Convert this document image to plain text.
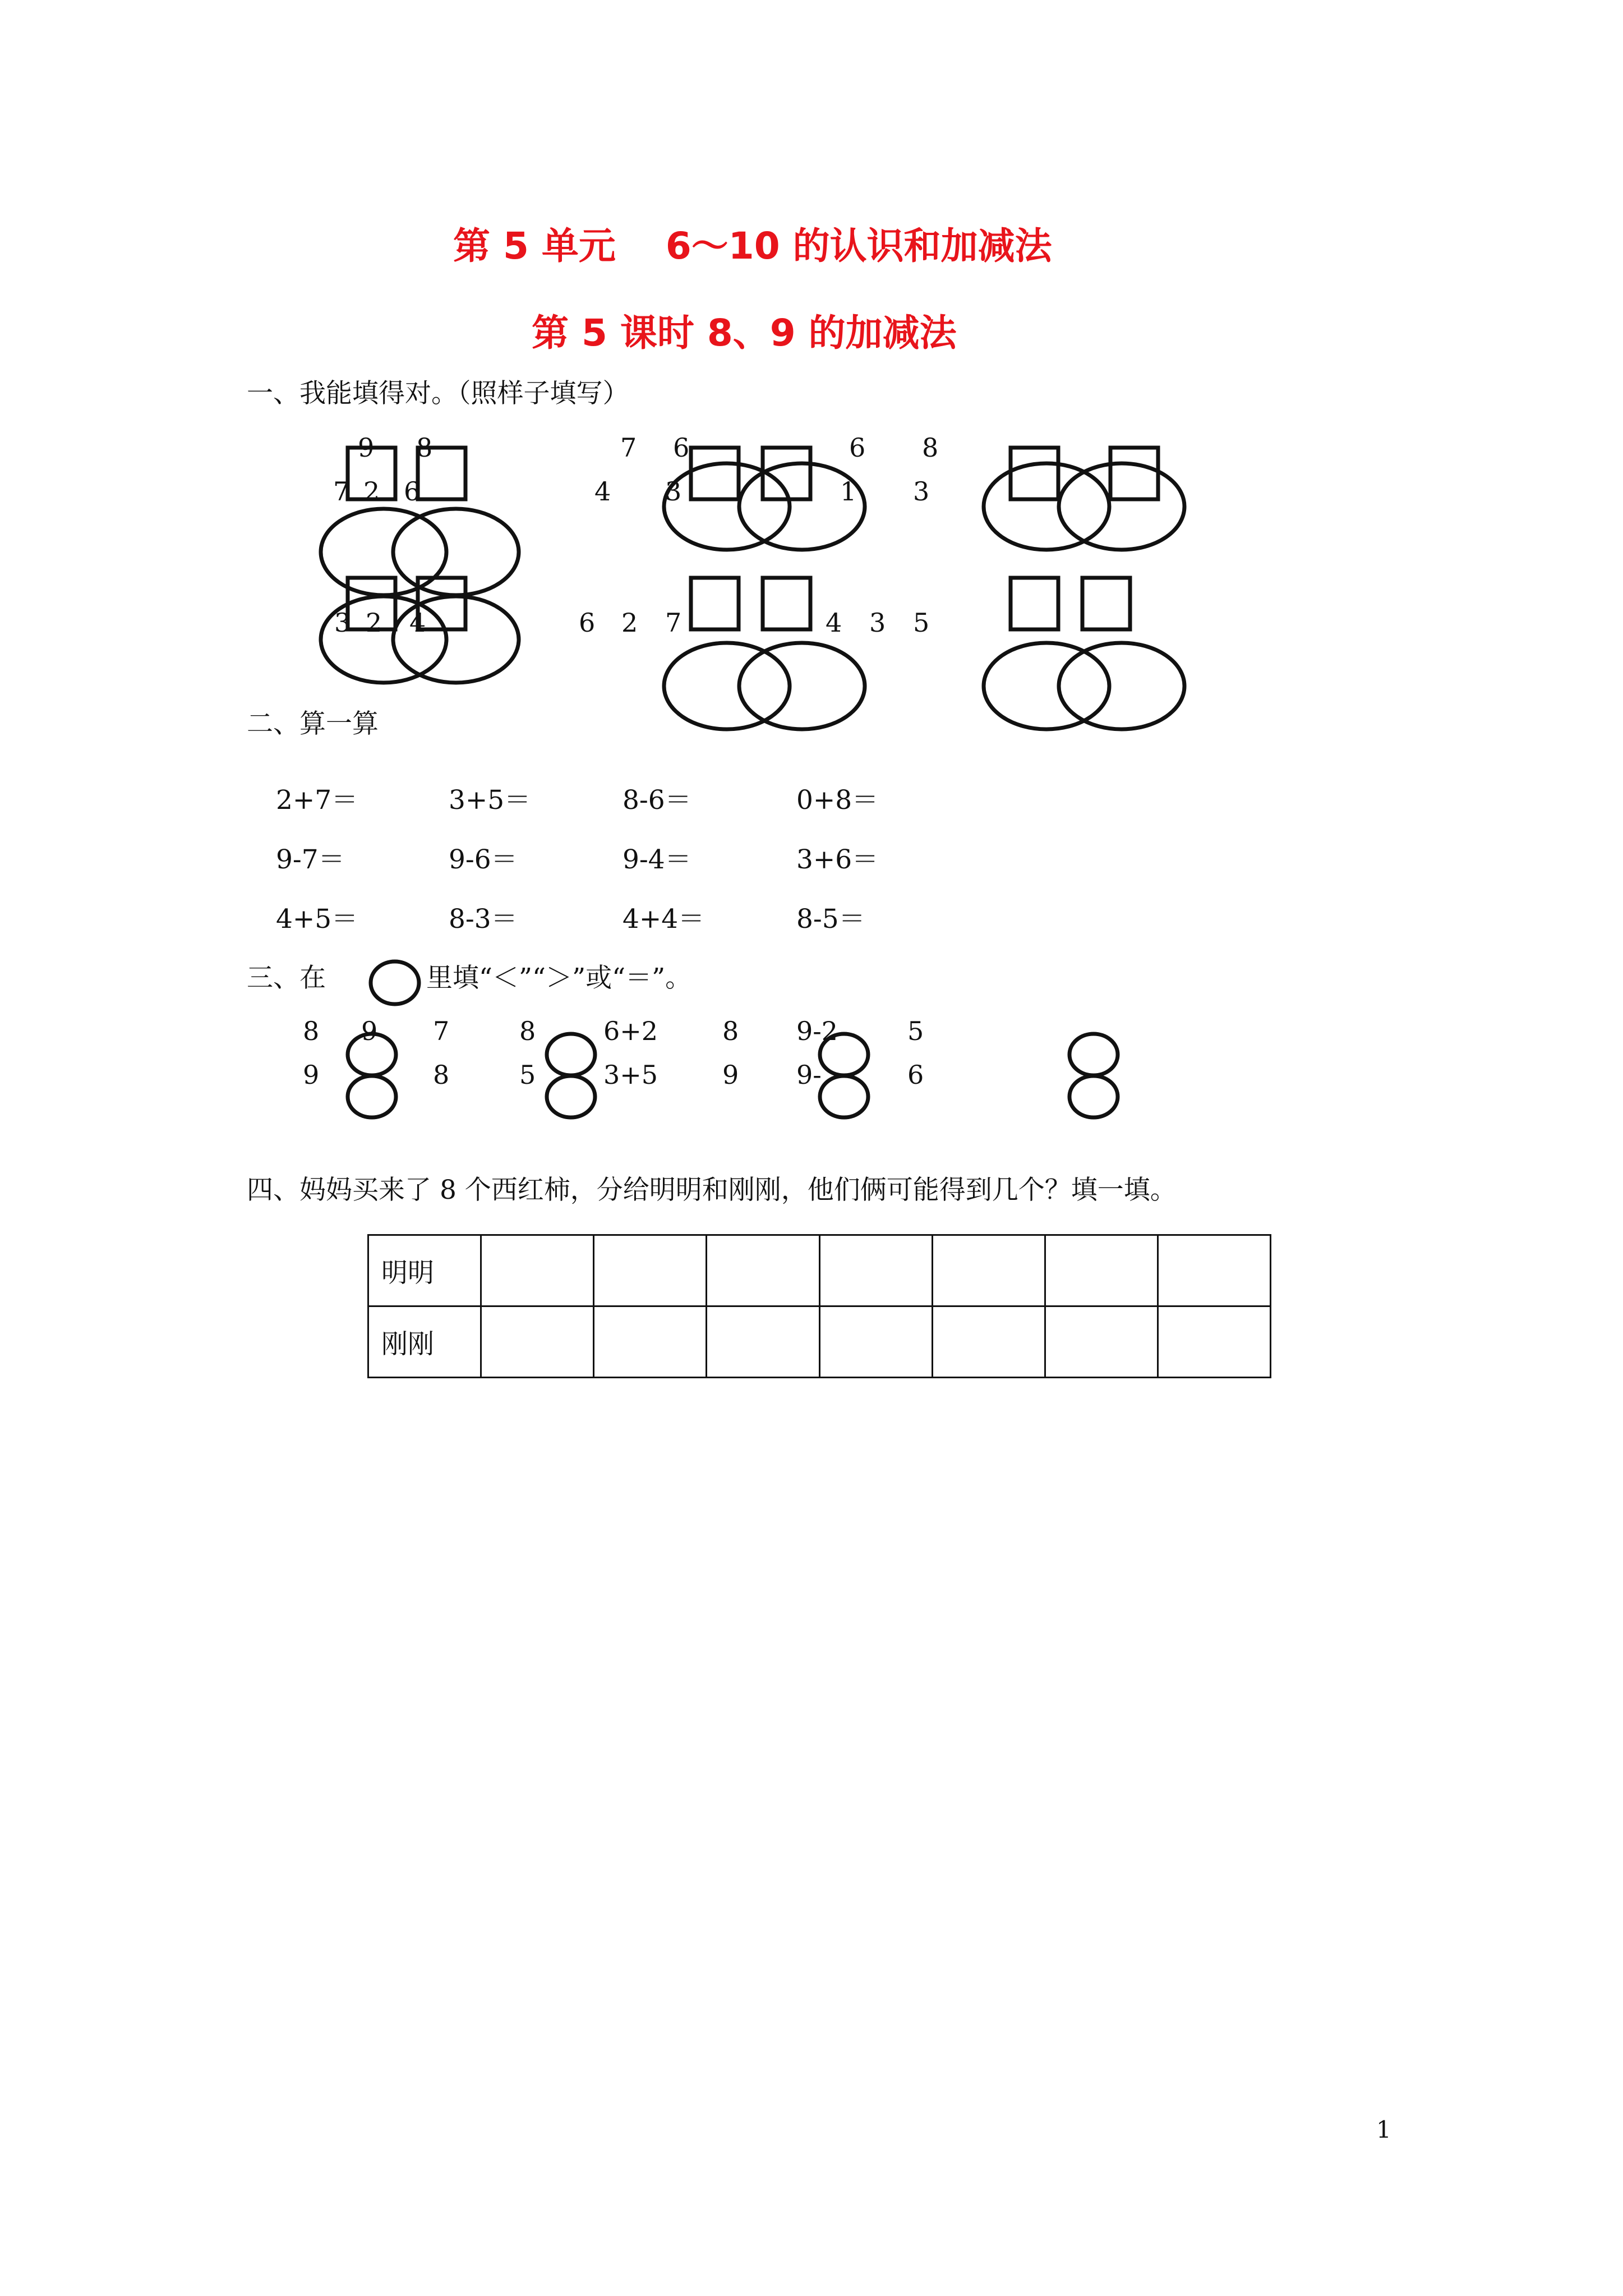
第 5 单元　 6～10 的认识和加减法
第 5 课时 8、9 的加减法
一、我能填得对。（照样子填写）
9 8
7 2 6
7 6
4 3
6 8
1 3
3 2 4	6 2 7	4 3 5
二、算一算
2+7＝	3+5＝	8-6＝	0+8＝
9-7＝	9-6＝	9-4＝	3+6＝
4+5＝	8-3＝	4+4＝	8-5＝
三、在	里填“＜”“＞”或“＝”。
8 9 7	8	6+2 8 9-2	5
9	8	5	3+5 9 9-	6
四、妈妈买来了 8 个西红柿，分给明明和刚刚，他们俩可能得到几个？填一填。
明明							
刚刚							
1
